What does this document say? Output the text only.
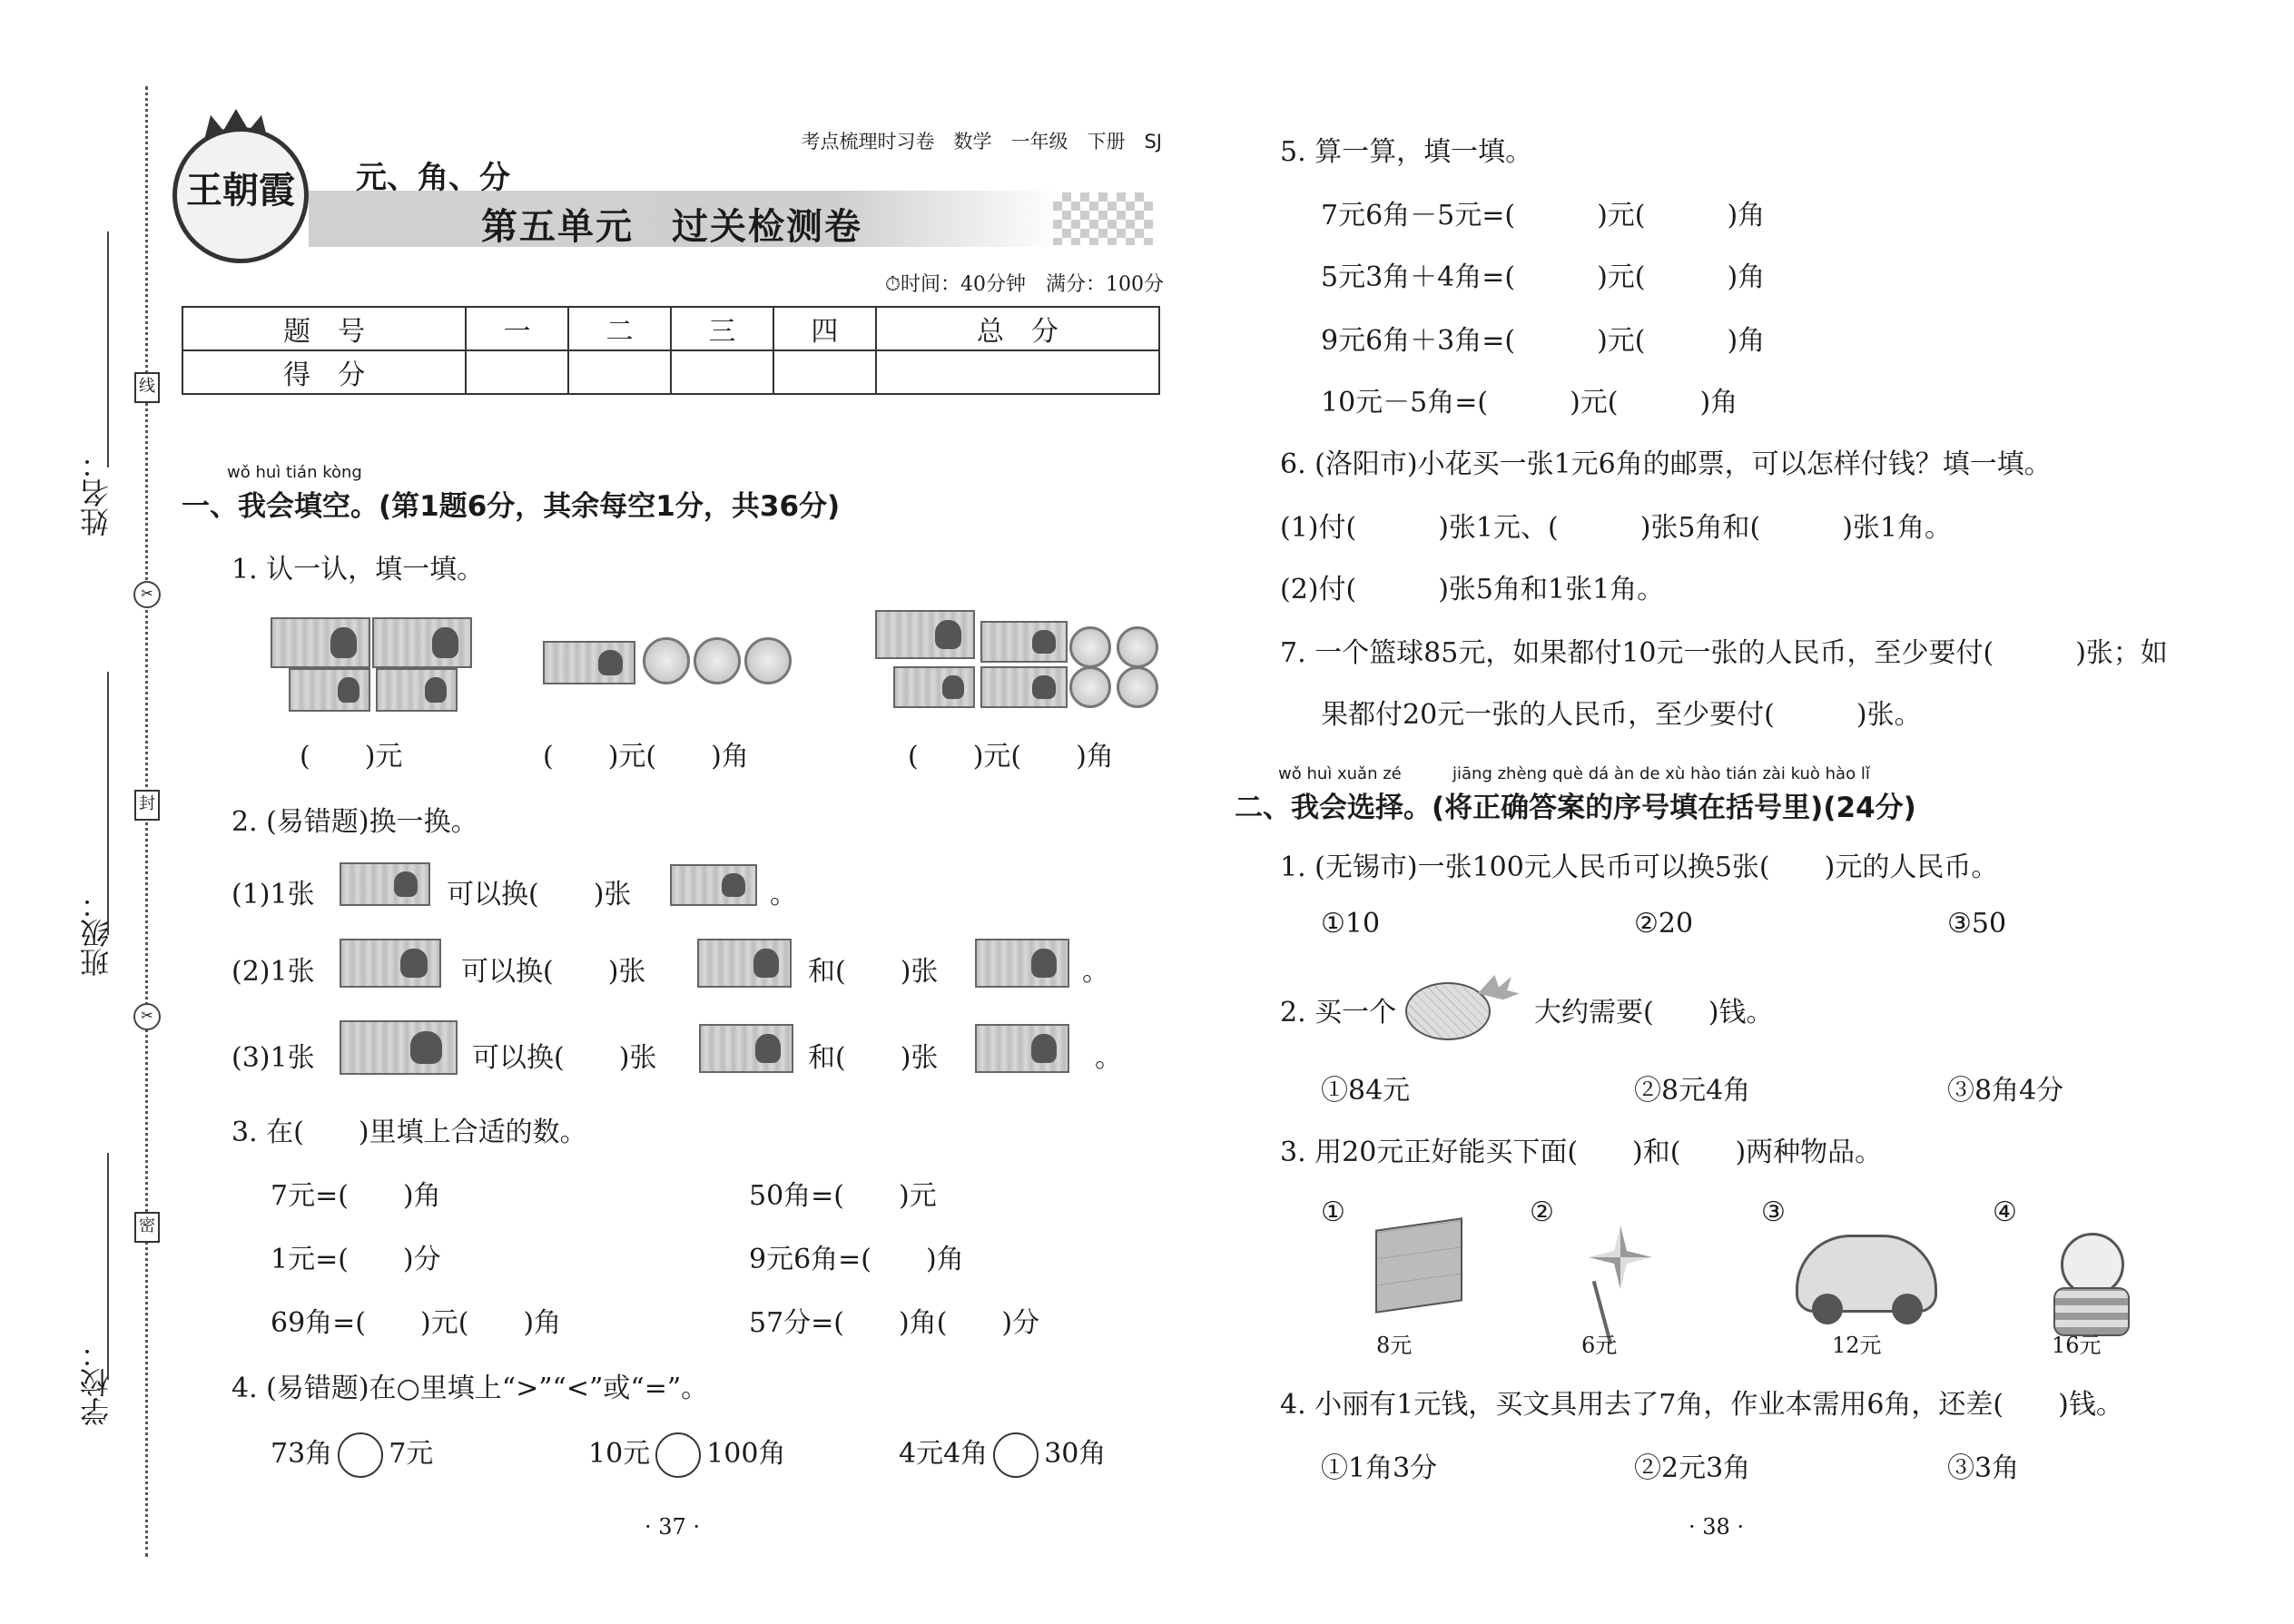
姓名：
班级：
学校：
线
封
密
✂
✂
王朝霞
考点梳理时习卷　数学　一年级　下册　SJ
元、角、分
第五单元　过关检测卷
⏱时间：40分钟　满分：100分
题　号	一	二	三	四	总　分
得　分					
wǒ huì tián kòng
一、我会填空。(第1题6分，其余每空1分，共36分)
1. 认一认，填一填。
(　　)元	(　　)元(　　)角	(　　)元(　　)角
2. (易错题)换一换。
(1)1张	可以换(　　)张	。
(2)1张	可以换(　　)张	和(　　)张	。
(3)1张	可以换(　　)张	和(　　)张	。
3. 在(　　)里填上合适的数。
7元=(　　)角	50角=(　　)元
1元=(　　)分	9元6角=(　　)角
69角=(　　)元(　　)角	57分=(　　)角(　　)分
4. (易错题)在○里填上“>”“<”或“=”。
73角 7元	10元 100角	4元4角 30角
· 37 ·
5. 算一算，填一填。
7元6角－5元=(　　　)元(　　　)角
5元3角＋4角=(　　　)元(　　　)角
9元6角＋3角=(　　　)元(　　　)角
10元－5角=(　　　)元(　　　)角
6. (洛阳市)小花买一张1元6角的邮票，可以怎样付钱？填一填。
(1)付(　　　)张1元、(　　　)张5角和(　　　)张1角。
(2)付(　　　)张5角和1张1角。
7. 一个篮球85元，如果都付10元一张的人民币，至少要付(　　　)张；如
果都付20元一张的人民币，至少要付(　　　)张。
wǒ huì xuǎn zé	jiāng zhèng què dá àn de xù hào tián zài kuò hào lǐ
二、我会选择。(将正确答案的序号填在括号里)(24分)
1. (无锡市)一张100元人民币可以换5张(　　)元的人民币。
①10	②20	③50
2. 买一个	大约需要(　　)钱。
①84元	②8元4角	③8角4分
3. 用20元正好能买下面(　　)和(　　)两种物品。
①	②	③	④
8元	6元	12元	16元
4. 小丽有1元钱，买文具用去了7角，作业本需用6角，还差(　　)钱。
①1角3分	②2元3角	③3角
· 38 ·
